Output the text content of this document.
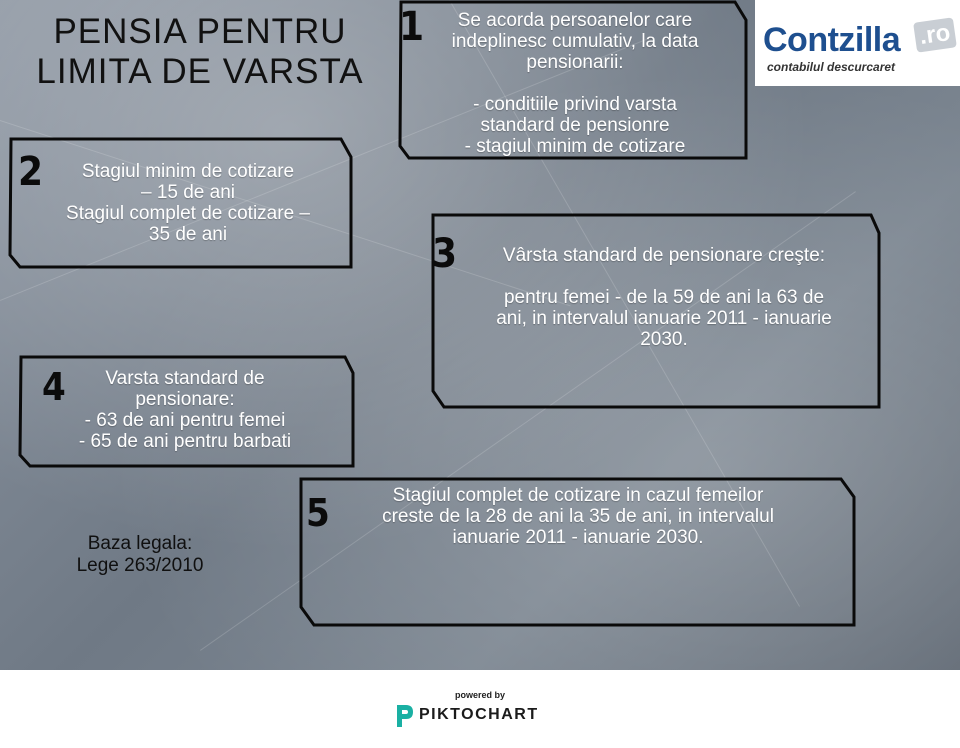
PENSIA PENTRU
LIMITA DE VARSTA
1	Se acorda persoanelor care
indeplinesc cumulativ, la data
pensionarii:
- conditiile privind varsta
standard de pensionre
- stagiul minim de cotizare
2	Stagiul minim de cotizare
– 15 de ani
Stagiul complet de cotizare –
35 de ani	3	Vârsta standard de pensionare creşte:
pentru femei - de la 59 de ani la 63 de
ani, in intervalul ianuarie 2011 - ianuarie
2030.
4	Varsta standard de
pensionare:
- 63 de ani pentru femei
- 65 de ani pentru barbati
5	Stagiul complet de cotizare in cazul femeilor
creste de la 28 de ani la 35 de ani, in intervalul
ianuarie 2011 - ianuarie 2030.
Baza legala:
Lege 263/2010
Contzilla .ro
contabilul descurcaret
powered by
PIKTOCHART
